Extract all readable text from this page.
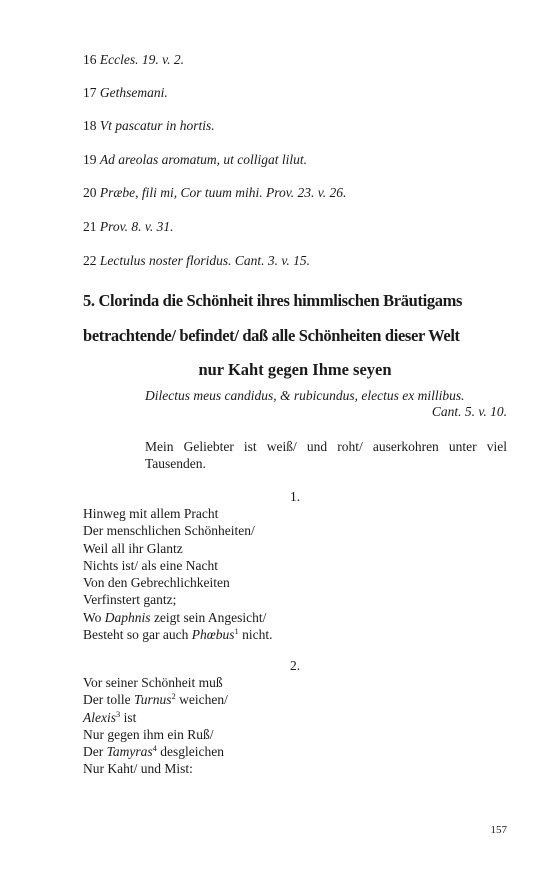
16 Eccles. 19. v. 2.
17 Gethsemani.
18 Vt pascatur in hortis.
19 Ad areolas aromatum, ut colligat lilut.
20 Præbe, fili mi, Cor tuum mihi. Prov. 23. v. 26.
21 Prov. 8. v. 31.
22 Lectulus noster floridus. Cant. 3. v. 15.
5. Clorinda die Schönheit ihres himmlischen Bräutigams
betrachtende/ befindet/ daß alle Schönheiten dieser Welt
nur Kaht gegen Ihme seyen
Dilectus meus candidus, & rubicundus, electus ex millibus.
Cant. 5. v. 10.
Mein Geliebter ist weiß/ und roht/ auserkohren unter viel Tausenden.
1.
Hinweg mit allem Pracht
Der menschlichen Schönheiten/
Weil all ihr Glantz
Nichts ist/ als eine Nacht
Von den Gebrechlichkeiten
Verfinstert gantz;
Wo Daphnis zeigt sein Angesicht/
Besteht so gar auch Phœbus$^1$ nicht.
2.
Vor seiner Schönheit muß
Der tolle Turnus$^2$ weichen/
Alexis$^3$ ist
Nur gegen ihm ein Ruß/
Der Tamyras$^4$ desgleichen
Nur Kaht/ und Mist:
157
